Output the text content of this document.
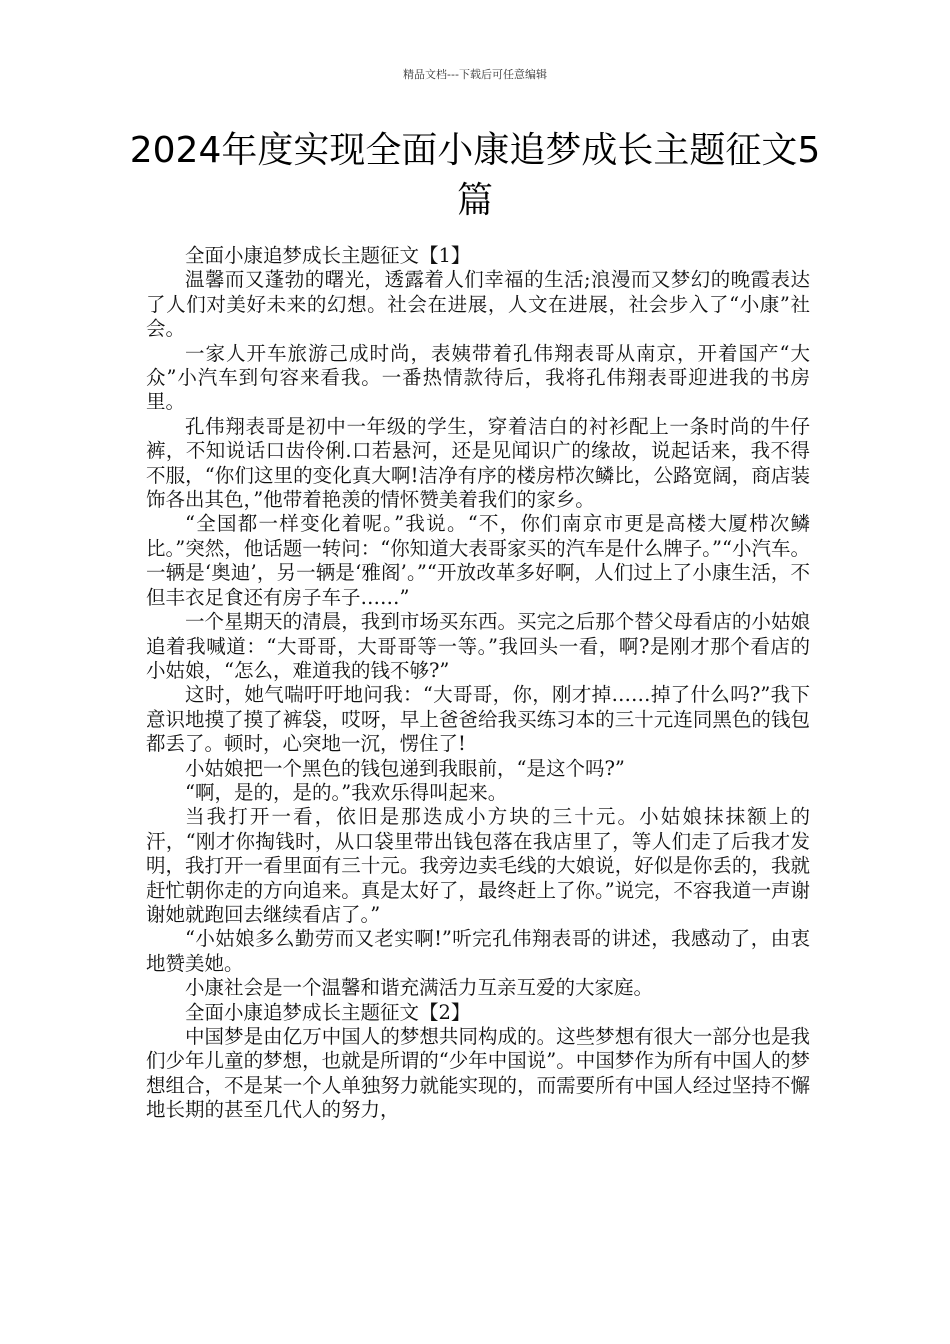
精品文档---下载后可任意编辑
2024年度实现全面小康追梦成长主题征文5篇

全面小康追梦成长主题征文【1】

温馨而又蓬勃的曙光，透露着人们幸福的生活;浪漫而又梦幻的晚霞表达了人们对美好未来的幻想。社会在进展，人文在进展，社会步入了“小康”社会。

一家人开车旅游己成时尚，表姨带着孔伟翔表哥从南京，开着国产“大众”小汽车到句容来看我。一番热情款待后，我将孔伟翔表哥迎进我的书房里。

孔伟翔表哥是初中一年级的学生，穿着洁白的衬衫配上一条时尚的牛仔裤，不知说话口齿伶俐.口若悬河，还是见闻识广的缘故，说起话来，我不得不服，“你们这里的变化真大啊!洁净有序的楼房栉次鳞比，公路宽阔，商店装饰各出其色，”他带着艳羡的情怀赞美着我们的家乡。

“全国都一样变化着呢。”我说。“不，你们南京市更是高楼大厦栉次鳞比。”突然，他话题一转问：“你知道大表哥家买的汽车是什么牌子。”“小汽车。一辆是‘奥迪’，另一辆是‘雅阁’。”“开放改革多好啊，人们过上了小康生活，不但丰衣足食还有房子车子……”

一个星期天的清晨，我到市场买东西。买完之后那个替父母看店的小姑娘追着我喊道：“大哥哥，大哥哥等一等。”我回头一看，啊?是刚才那个看店的小姑娘，“怎么，难道我的钱不够?”

这时，她气喘吁吁地问我：“大哥哥，你，刚才掉……掉了什么吗?”我下意识地摸了摸了裤袋，哎呀，早上爸爸给我买练习本的三十元连同黑色的钱包都丢了。顿时，心突地一沉，愣住了!

小姑娘把一个黑色的钱包递到我眼前，“是这个吗?”

“啊，是的，是的。”我欢乐得叫起来。

当我打开一看，依旧是那迭成小方块的三十元。小姑娘抹抹额上的汗，“刚才你掏钱时，从口袋里带出钱包落在我店里了，等人们走了后我才发明，我打开一看里面有三十元。我旁边卖毛线的大娘说，好似是你丢的，我就赶忙朝你走的方向追来。真是太好了，最终赶上了你。”说完，不容我道一声谢谢她就跑回去继续看店了。”

“小姑娘多么勤劳而又老实啊!”听完孔伟翔表哥的讲述，我感动了，由衷地赞美她。

小康社会是一个温馨和谐充满活力互亲互爱的大家庭。

全面小康追梦成长主题征文【2】

中国梦是由亿万中国人的梦想共同构成的。这些梦想有很大一部分也是我们少年儿童的梦想，也就是所谓的“少年中国说”。中国梦作为所有中国人的梦想组合，不是某一个人单独努力就能实现的，而需要所有中国人经过坚持不懈地长期的甚至几代人的努力，
